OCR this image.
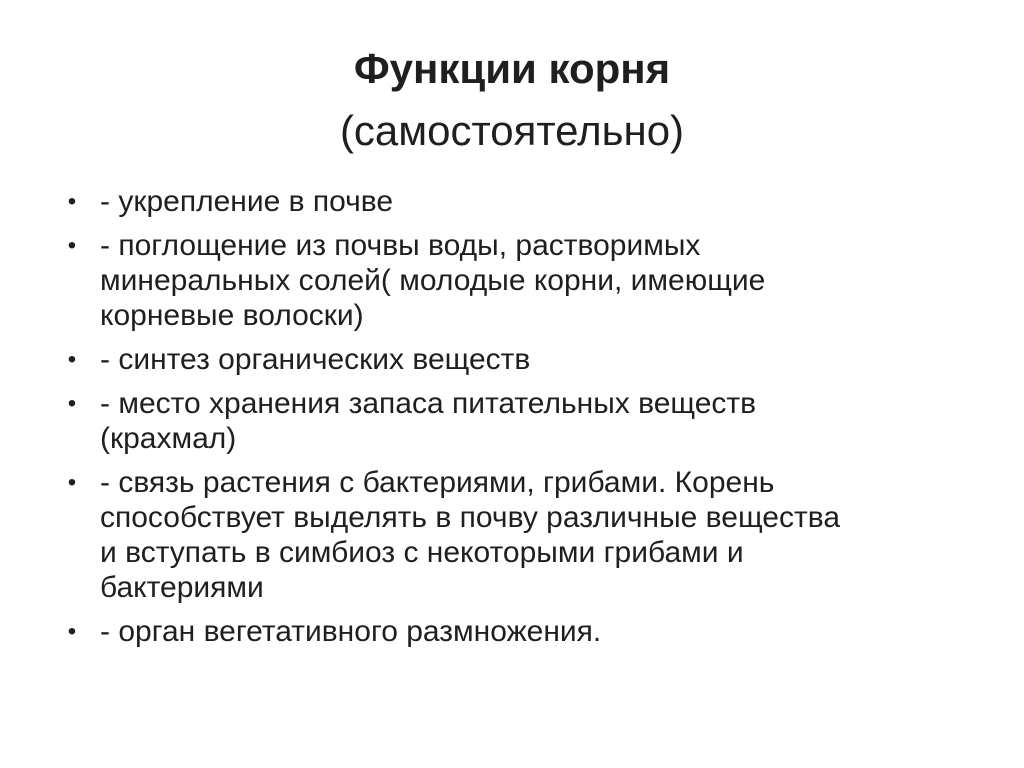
Функции корня
(самостоятельно)
• - укрепление в почве
• - поглощение из почвы воды, растворимых
минеральных солей( молодые корни, имеющие
корневые волоски)
• - синтез органических веществ
• - место хранения запаса питательных веществ
(крахмал)
• - связь растения с бактериями, грибами. Корень
способствует выделять в почву различные вещества
и вступать в симбиоз с некоторыми грибами и
бактериями
• - орган вегетативного размножения.
